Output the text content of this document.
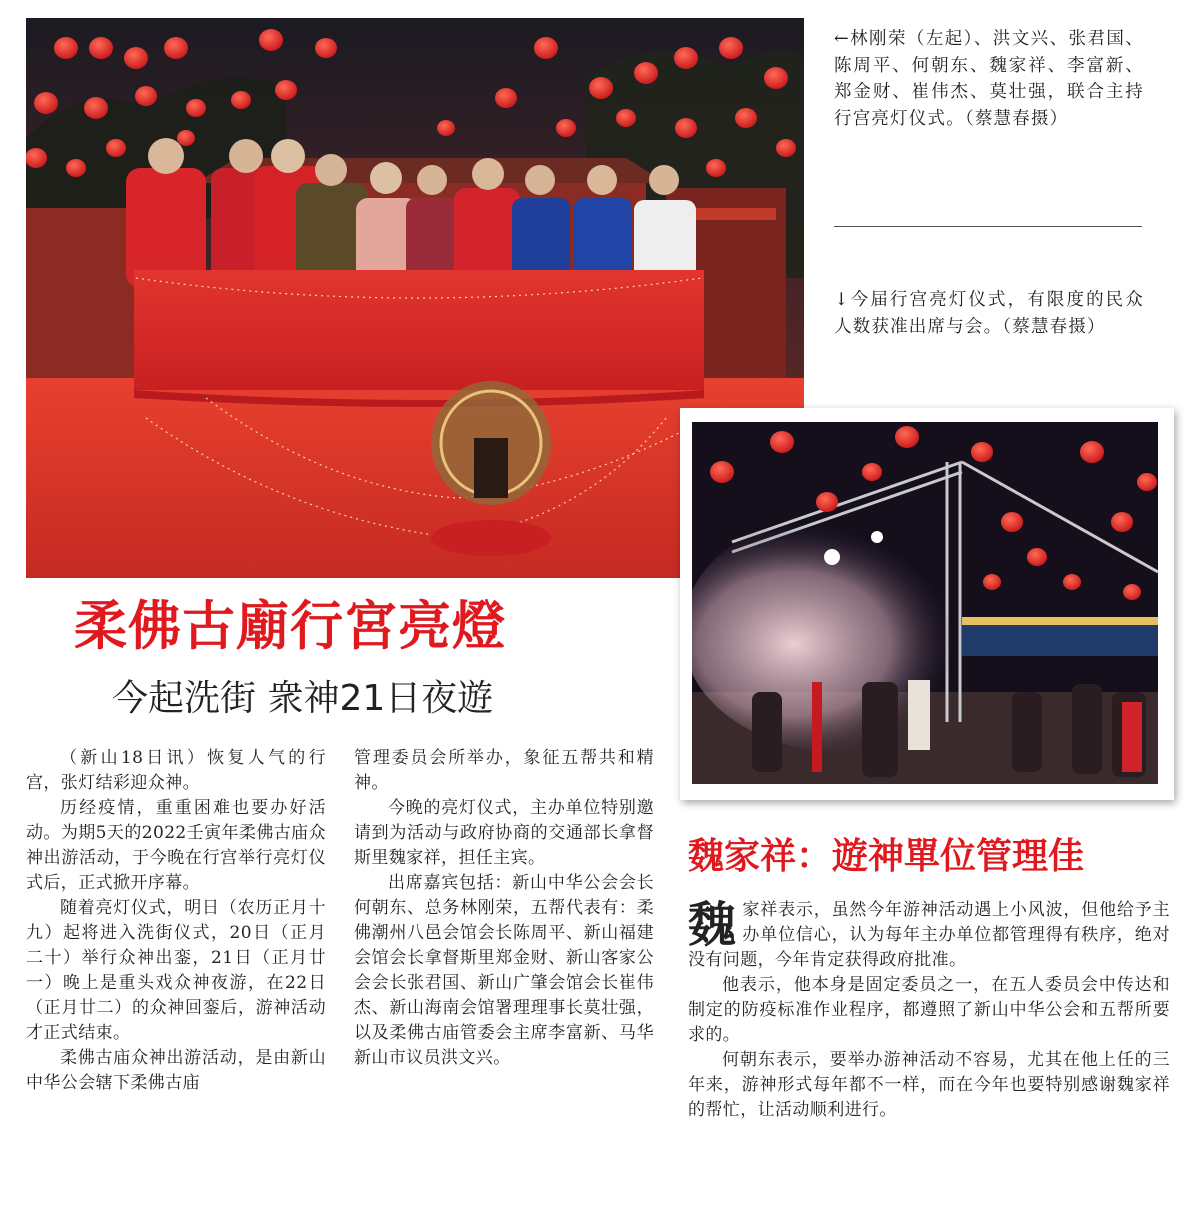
←林刚荣（左起）、洪文兴、张君国、陈周平、何朝东、魏家祥、李富新、郑金财、崔伟杰、莫壮强，联合主持行宫亮灯仪式。（蔡慧春摄）
↓今届行宫亮灯仪式，有限度的民众人数获准出席与会。（蔡慧春摄）
柔佛古廟行宮亮燈
今起洗街 衆神21日夜遊
魏家祥：遊神單位管理佳

（新山18日讯）恢复人气的行宫，张灯结彩迎众神。

历经疫情，重重困难也要办好活动。为期5天的2022壬寅年柔佛古庙众神出游活动，于今晚在行宫举行亮灯仪式后，正式掀开序幕。

随着亮灯仪式，明日（农历正月十九）起将进入洗街仪式，20日（正月二十）举行众神出銮，21日（正月廿一）晚上是重头戏众神夜游，在22日（正月廿二）的众神回銮后，游神活动才正式结束。

柔佛古庙众神出游活动，是由新山中华公会辖下柔佛古庙

管理委员会所举办，象征五帮共和精神。

今晚的亮灯仪式，主办单位特别邀请到为活动与政府协商的交通部长拿督斯里魏家祥，担任主宾。

出席嘉宾包括：新山中华公会会长何朝东、总务林刚荣，五帮代表有：柔佛潮州八邑会馆会长陈周平、新山福建会馆会长拿督斯里郑金财、新山客家公会会长张君国、新山广肇会馆会长崔伟杰、新山海南会馆署理理事长莫壮强，以及柔佛古庙管委会主席李富新、马华新山市议员洪文兴。

魏家祥表示，虽然今年游神活动遇上小风波，但他给予主办单位信心，认为每年主办单位都管理得有秩序，绝对没有问题，今年肯定获得政府批准。

他表示，他本身是固定委员之一，在五人委员会中传达和制定的防疫标准作业程序，都遵照了新山中华公会和五帮所要求的。

何朝东表示，要举办游神活动不容易，尤其在他上任的三年来，游神形式每年都不一样，而在今年也要特别感谢魏家祥的帮忙，让活动顺利进行。
